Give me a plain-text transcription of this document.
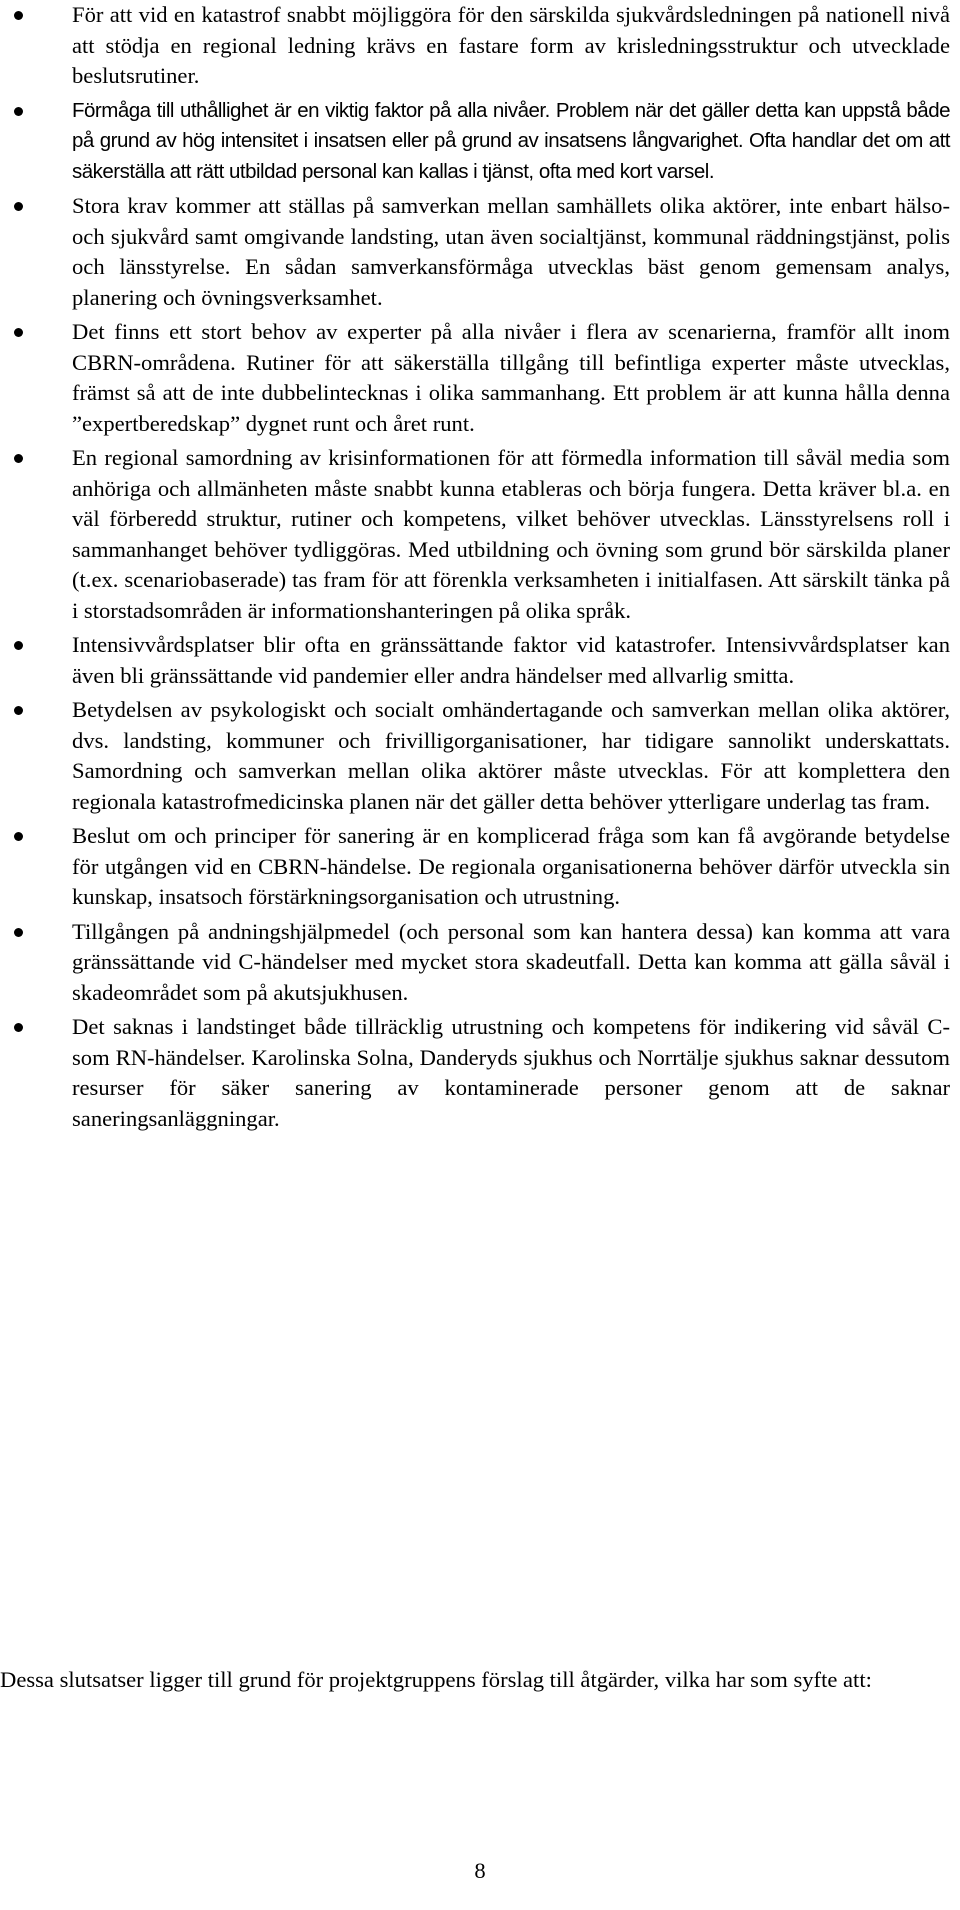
För att vid en katastrof snabbt möjliggöra för den särskilda sjukvårdsledningen på nationell nivå att stödja en regional ledning krävs en fastare form av krisledningsstruktur och utvecklade beslutsrutiner.
Förmåga till uthållighet är en viktig faktor på alla nivåer. Problem när det gäller detta kan uppstå både på grund av hög intensitet i insatsen eller på grund av insatsens långvarighet. Ofta handlar det om att säkerställa att rätt utbildad personal kan kallas i tjänst, ofta med kort varsel.
Stora krav kommer att ställas på samverkan mellan samhällets olika aktörer, inte enbart hälso- och sjukvård samt omgivande landsting, utan även socialtjänst, kommunal räddningstjänst, polis och länsstyrelse. En sådan samverkansförmåga utvecklas bäst genom gemensam analys, planering och övningsverksamhet.
Det finns ett stort behov av experter på alla nivåer i flera av scenarierna, framför allt inom CBRN-områdena. Rutiner för att säkerställa tillgång till befintliga experter måste utvecklas, främst så att de inte dubbelintecknas i olika sammanhang. Ett problem är att kunna hålla denna ”expertberedskap” dygnet runt och året runt.
En regional samordning av krisinformationen för att förmedla information till såväl media som anhöriga och allmänheten måste snabbt kunna etableras och börja fungera. Detta kräver bl.a. en väl förberedd struktur, rutiner och kompetens, vilket behöver utvecklas. Länsstyrelsens roll i sammanhanget behöver tydliggöras. Med utbildning och övning som grund bör särskilda planer (t.ex. scenariobaserade) tas fram för att förenkla verksamheten i initialfasen. Att särskilt tänka på i storstadsområden är informationshanteringen på olika språk.
Intensivvårdsplatser blir ofta en gränssättande faktor vid katastrofer. Intensivvårdsplatser kan även bli gränssättande vid pandemier eller andra händelser med allvarlig smitta.
Betydelsen av psykologiskt och socialt omhändertagande och samverkan mellan olika aktörer, dvs. landsting, kommuner och frivilligorganisationer, har tidigare sannolikt underskattats. Samordning och samverkan mellan olika aktörer måste utvecklas. För att komplettera den regionala katastrofmedicinska planen när det gäller detta behöver ytterligare underlag tas fram.
Beslut om och principer för sanering är en komplicerad fråga som kan få avgörande betydelse för utgången vid en CBRN-händelse. De regionala organisationerna behöver därför utveckla sin kunskap, insatsoch förstärkningsorganisation och utrustning.
Tillgången på andningshjälpmedel (och personal som kan hantera dessa) kan komma att vara gränssättande vid C-händelser med mycket stora skadeutfall. Detta kan komma att gälla såväl i skadeområdet som på akutsjukhusen.
Det saknas i landstinget både tillräcklig utrustning och kompetens för indikering vid såväl C- som RN-händelser. Karolinska Solna, Danderyds sjukhus och Norrtälje sjukhus saknar dessutom resurser för säker sanering av kontaminerade personer genom att de saknar saneringsanläggningar.

Dessa slutsatser ligger till grund för projektgruppens förslag till åtgärder, vilka har som syfte att:

8
